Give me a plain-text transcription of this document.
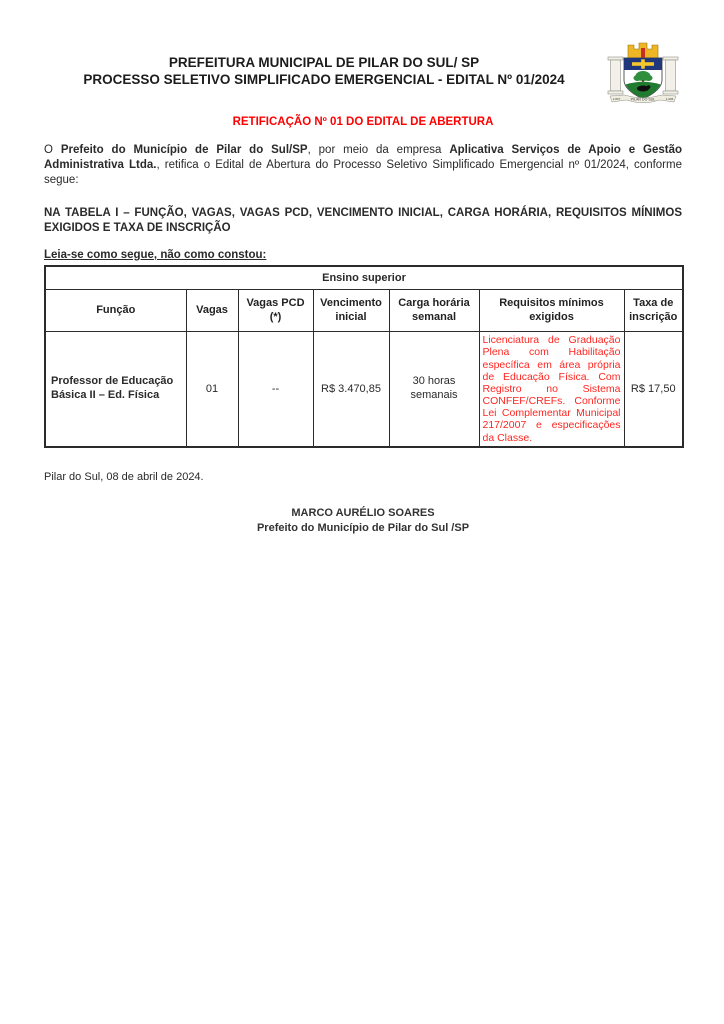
PREFEITURA MUNICIPAL DE PILAR DO SUL/ SP
PROCESSO SELETIVO SIMPLIFICADO EMERGENCIAL - EDITAL Nº 01/2024
1.807	PILAR DO SUL	1.906
RETIFICAÇÃO Nº 01 DO EDITAL DE ABERTURA

O Prefeito do Município de Pilar do Sul/SP, por meio da empresa Aplicativa Serviços de Apoio e Gestão Administrativa Ltda., retifica o Edital de Abertura do Processo Seletivo Simplificado Emergencial nº 01/2024, conforme segue:

NA TABELA I – FUNÇÃO, VAGAS, VAGAS PCD, VENCIMENTO INICIAL, CARGA HORÁRIA, REQUISITOS MÍNIMOS EXIGIDOS E TAXA DE INSCRIÇÃO
Leia-se como segue, não como constou:
Ensino superior						
Função	Vagas	Vagas PCD (*)	Vencimento inicial	Carga horária semanal	Requisitos mínimos exigidos	Taxa de inscrição
Professor de Educação Básica II – Ed. Física	01	--	R$ 3.470,85	30 horas semanais	Licenciatura de Graduação Plena com Habilitação específica em área própria de Educação Física. Com Registro no Sistema CONFEF/CREFs. Conforme Lei Complementar Municipal 217/2007 e especificações da Classe.	R$ 17,50
Pilar do Sul, 08 de abril de 2024.
MARCO AURÉLIO SOARES
Prefeito do Município de Pilar do Sul /SP
